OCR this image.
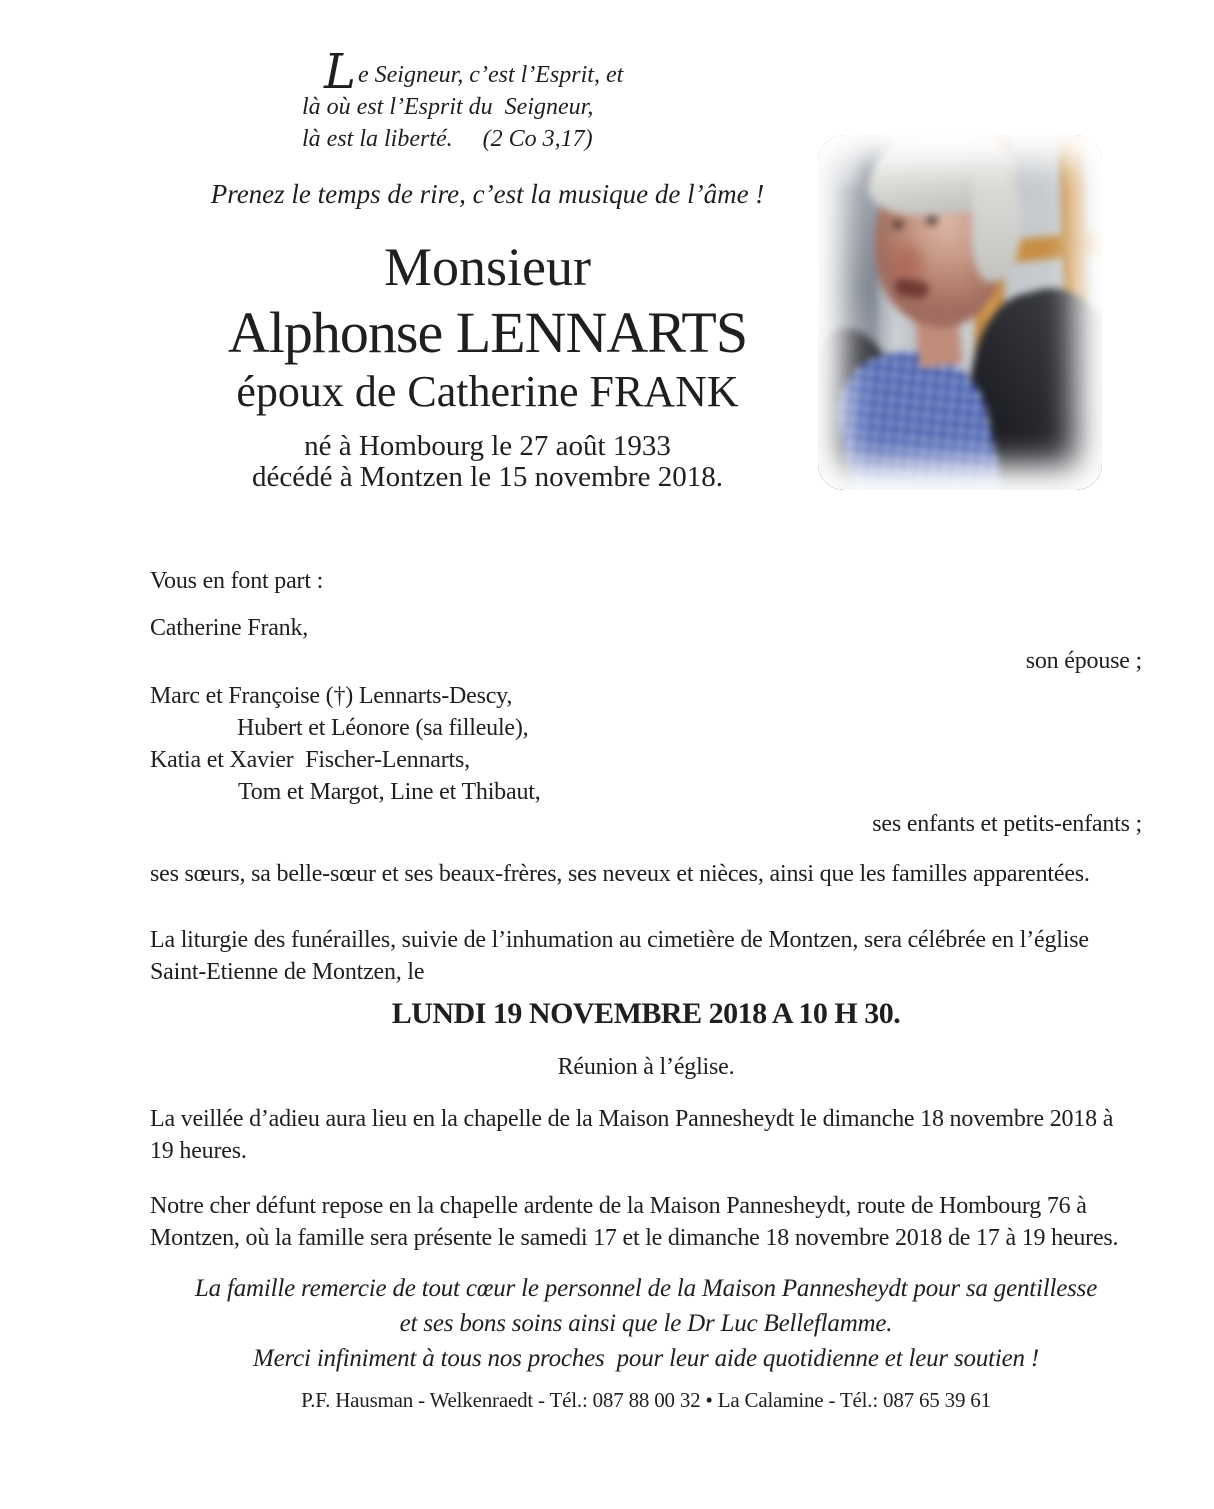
L e Seigneur, c’est l’Esprit, et
là où est l’Esprit du  Seigneur,
là est la liberté.     (2 Co 3,17)
Prenez le temps de rire, c’est la musique de l’âme !
Monsieur
Alphonse LENNARTS
époux de Catherine FRANK
né à Hombourg le 27 août 1933
décédé à Montzen le 15 novembre 2018.

Vous en font part :

Catherine Frank,

son épouse ;

Marc et Françoise (†) Lennarts-Descy,
Hubert et Léonore (sa filleule),
Katia et Xavier  Fischer-Lennarts,
Tom et Margot, Line et Thibaut,

ses enfants et petits-enfants ;

ses sœurs, sa belle-sœur et ses beaux-frères, ses neveux et nièces, ainsi que les familles apparentées.

La liturgie des funérailles, suivie de l’inhumation au cimetière de Montzen, sera célébrée en l’église Saint-Etienne de Montzen, le

LUNDI 19 NOVEMBRE 2018 A 10 H 30.

Réunion à l’église.

La veillée d’adieu aura lieu en la chapelle de la Maison Pannesheydt le dimanche 18 novembre 2018 à 19 heures.

Notre cher défunt repose en la chapelle ardente de la Maison Pannesheydt, route de Hombourg 76 à Montzen, où la famille sera présente le samedi 17 et le dimanche 18 novembre 2018 de 17 à 19 heures.

La famille remercie de tout cœur le personnel de la Maison Pannesheydt pour sa gentillesse
et ses bons soins ainsi que le Dr Luc Belleflamme.
Merci infiniment à tous nos proches  pour leur aide quotidienne et leur soutien !

P.F. Hausman - Welkenraedt - Tél.: 087 88 00 32 • La Calamine - Tél.: 087 65 39 61
